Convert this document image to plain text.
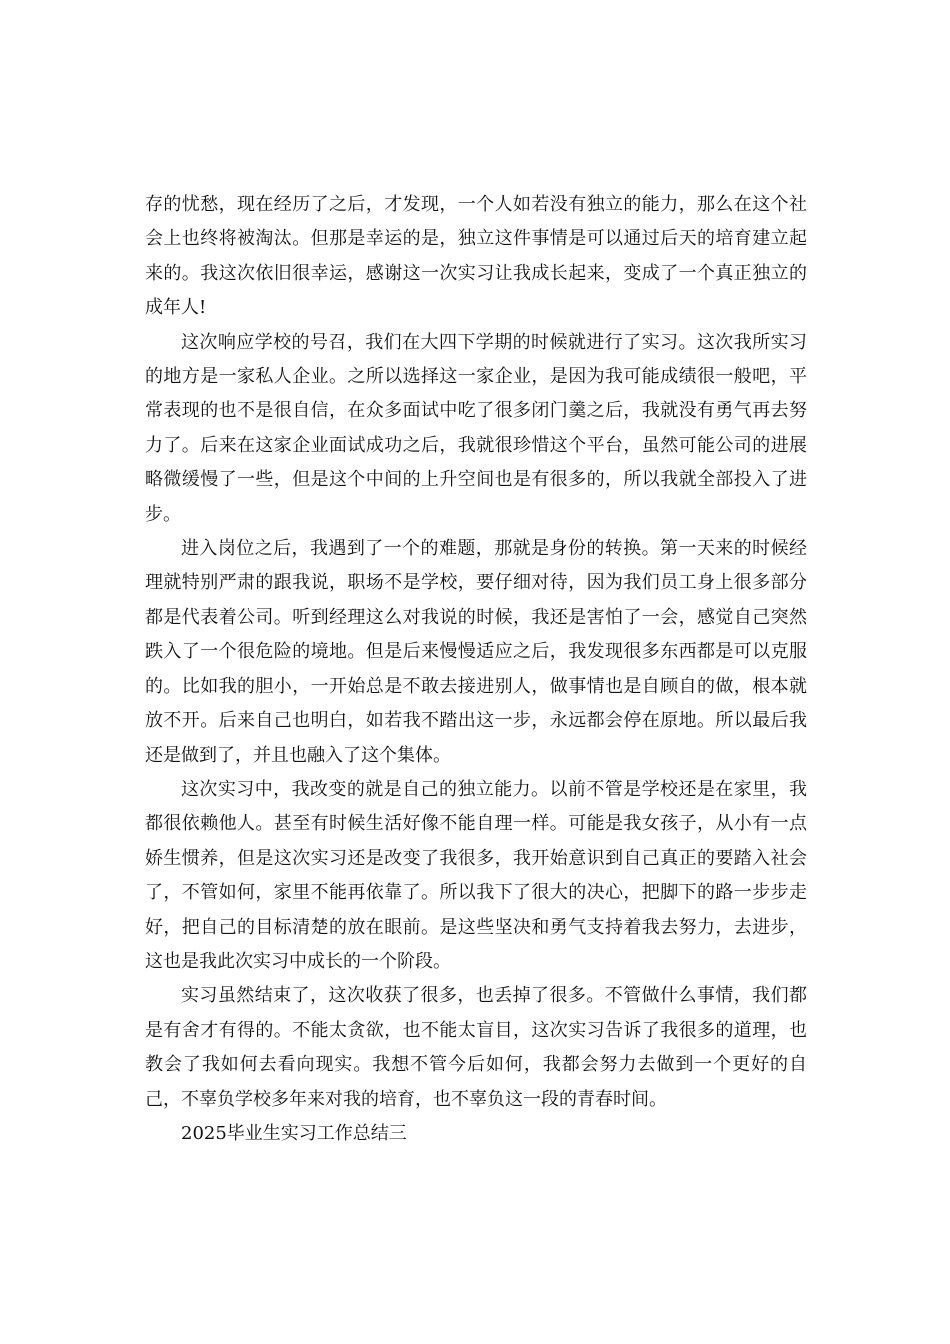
存的忧愁，现在经历了之后，才发现，一个人如若没有独立的能力，那么在这个社会上也终将被淘汰。但那是幸运的是，独立这件事情是可以通过后天的培育建立起来的。我这次依旧很幸运，感谢这一次实习让我成长起来，变成了一个真正独立的成年人!

这次响应学校的号召，我们在大四下学期的时候就进行了实习。这次我所实习的地方是一家私人企业。之所以选择这一家企业，是因为我可能成绩很一般吧，平常表现的也不是很自信，在众多面试中吃了很多闭门羹之后，我就没有勇气再去努力了。后来在这家企业面试成功之后，我就很珍惜这个平台，虽然可能公司的进展略微缓慢了一些，但是这个中间的上升空间也是有很多的，所以我就全部投入了进步。

进入岗位之后，我遇到了一个的难题，那就是身份的转换。第一天来的时候经理就特别严肃的跟我说，职场不是学校，要仔细对待，因为我们员工身上很多部分都是代表着公司。听到经理这么对我说的时候，我还是害怕了一会，感觉自己突然跌入了一个很危险的境地。但是后来慢慢适应之后，我发现很多东西都是可以克服的。比如我的胆小，一开始总是不敢去接进别人，做事情也是自顾自的做，根本就放不开。后来自己也明白，如若我不踏出这一步，永远都会停在原地。所以最后我还是做到了，并且也融入了这个集体。

这次实习中，我改变的就是自己的独立能力。以前不管是学校还是在家里，我都很依赖他人。甚至有时候生活好像不能自理一样。可能是我女孩子，从小有一点娇生惯养，但是这次实习还是改变了我很多，我开始意识到自己真正的要踏入社会了，不管如何，家里不能再依靠了。所以我下了很大的决心，把脚下的路一步步走好，把自己的目标清楚的放在眼前。是这些坚决和勇气支持着我去努力，去进步，这也是我此次实习中成长的一个阶段。

实习虽然结束了，这次收获了很多，也丢掉了很多。不管做什么事情，我们都是有舍才有得的。不能太贪欲，也不能太盲目，这次实习告诉了我很多的道理，也教会了我如何去看向现实。我想不管今后如何，我都会努力去做到一个更好的自己，不辜负学校多年来对我的培育，也不辜负这一段的青春时间。

2025毕业生实习工作总结三
